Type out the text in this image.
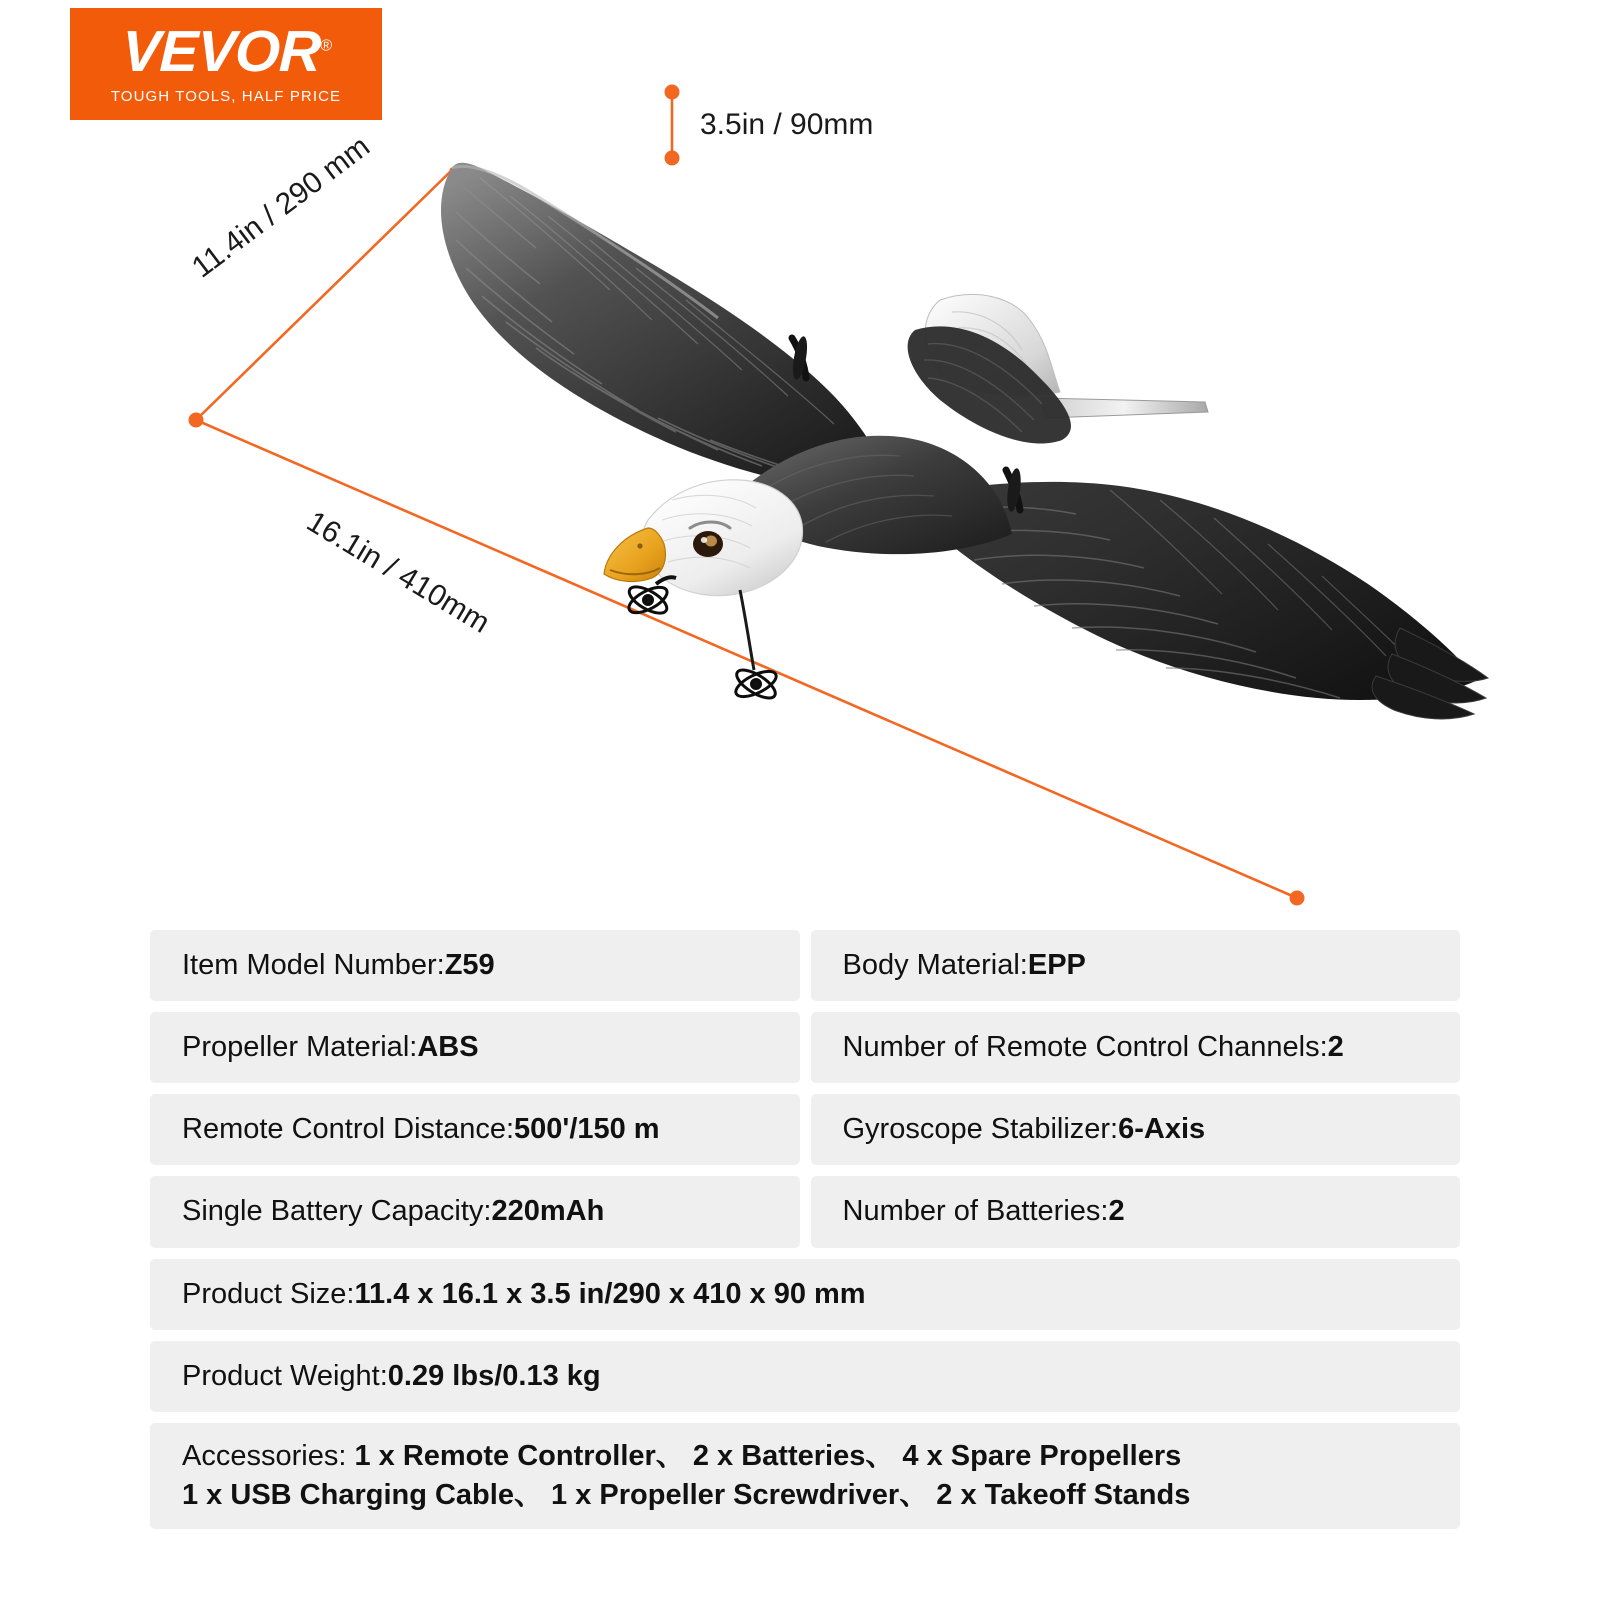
VEVOR®
TOUGH TOOLS, HALF PRICE
3.5in / 90mm
11.4in / 290 mm
16.1in / 410mm
Item Model Number: Z59	Body Material: EPP
Propeller Material: ABS	Number of Remote Control Channels: 2
Remote Control Distance: 500'/150 m	Gyroscope Stabilizer: 6-Axis
Single Battery Capacity: 220mAh	Number of Batteries: 2
Product Size: 11.4 x 16.1 x 3.5 in/290 x 410 x 90 mm
Product Weight: 0.29 lbs/0.13 kg
Accessories: 1 x Remote Controller、 2 x Batteries、 4 x Spare Propellers
1 x USB Charging Cable、 1 x Propeller Screwdriver、 2 x Takeoff Stands
